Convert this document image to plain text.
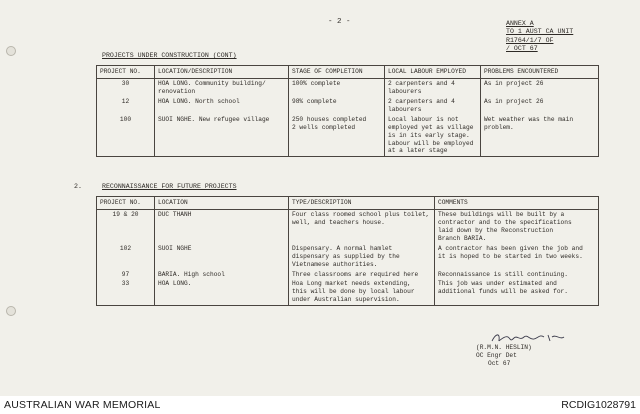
- 2 -	ANNEX A
TO 1 AUST CA UNIT
R1764/1/7 OF
/ OCT 67
PROJECTS UNDER CONSTRUCTION (CONT)
PROJECT NO.	LOCATION/DESCRIPTION	STAGE OF COMPLETION	LOCAL LABOUR EMPLOYED	PROBLEMS ENCOUNTERED
30	HOA LONG. Community building/
renovation	100% complete	2 carpenters and 4
labourers	As in project 26
12	HOA LONG. North school	98% complete	2 carpenters and 4
labourers	As in project 26
100	SUOI NGHE. New refugee village	250 houses completed
2 wells completed	Local labour is not
employed yet as village
is in its early stage.
Labour will be employed
at a later stage	Wet weather was the main
problem.
2.	RECONNAISSANCE FOR FUTURE PROJECTS
PROJECT NO.	LOCATION	TYPE/DESCRIPTION	COMMENTS
19 & 20	DUC THANH	Four class roomed school plus toilet,
well, and teachers house.	These buildings will be built by a
contractor and to the specifications
laid down by the Reconstruction
Branch BARIA.
102	SUOI NGHE	Dispensary. A normal hamlet
dispensary as supplied by the
Vietnamese authorities.	A contractor has been given the job and
it is hoped to be started in two weeks.
97	BARIA. High school	Three classrooms are required here	Reconnaissance is still continuing.
33	HOA LONG.	Hoa Long market needs extending,
this will be done by local labour
under Australian supervision.	This job was under estimated and
additional funds will be asked for.
(R.M.N. HESLIN)
OC Engr Det
Oct 67
AUSTRALIAN WAR MEMORIAL	RCDIG1028791
